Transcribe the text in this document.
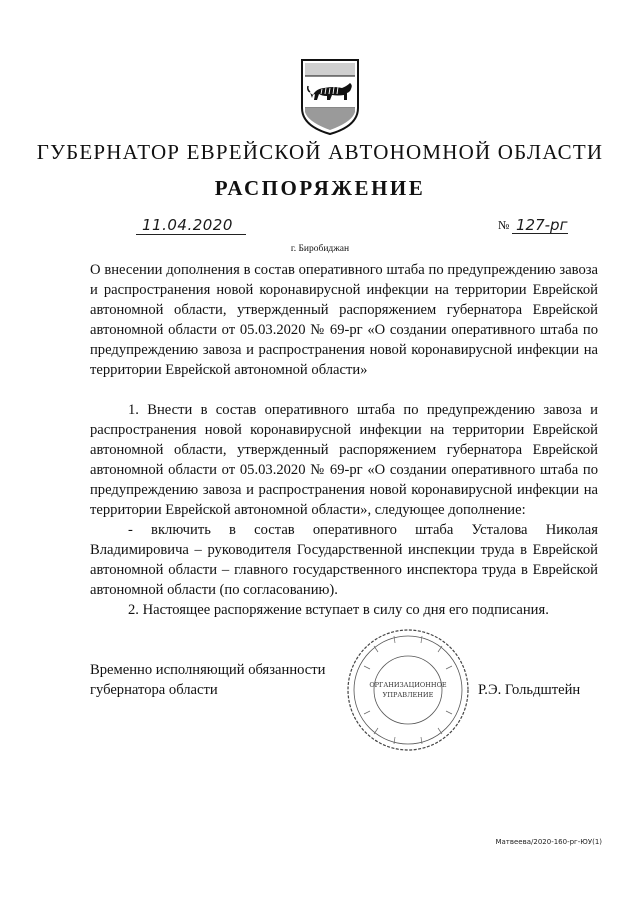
ГУБЕРНАТОР ЕВРЕЙСКОЙ АВТОНОМНОЙ ОБЛАСТИ
РАСПОРЯЖЕНИЕ
11.04.2020	№ 127-рг
г. Биробиджан
О внесении дополнения в состав оперативного штаба по предупреждению завоза и распространения новой коронавирусной инфекции на территории Еврейской автономной области, утвержденный распоряжением губернатора Еврейской автономной области от 05.03.2020 № 69-рг «О создании оперативного штаба по предупреждению завоза и распространения новой коронавирусной инфекции на территории Еврейской автономной области»

1. Внести в состав оперативного штаба по предупреждению завоза и распространения новой коронавирусной инфекции на территории Еврейской автономной области, утвержденный распоряжением губернатора Еврейской автономной области от 05.03.2020 № 69-рг «О создании оперативного штаба по предупреждению завоза и распространения новой коронавирусной инфекции на территории Еврейской автономной области», следующее дополнение:

- включить в состав оперативного штаба Усталова Николая Владимировича – руководителя Государственной инспекции труда в Еврейской автономной области – главного государственного инспектора труда в Еврейской автономной области (по согласованию).

2. Настоящее распоряжение вступает в силу со дня его подписания.

Временно исполняющий обязанности
губернатора области	ОРГАНИЗАЦИОННОЕ
УПРАВЛЕНИЕ	Р.Э. Гольдштейн
Матвеева/2020-160-рг-ЮУ(1)
